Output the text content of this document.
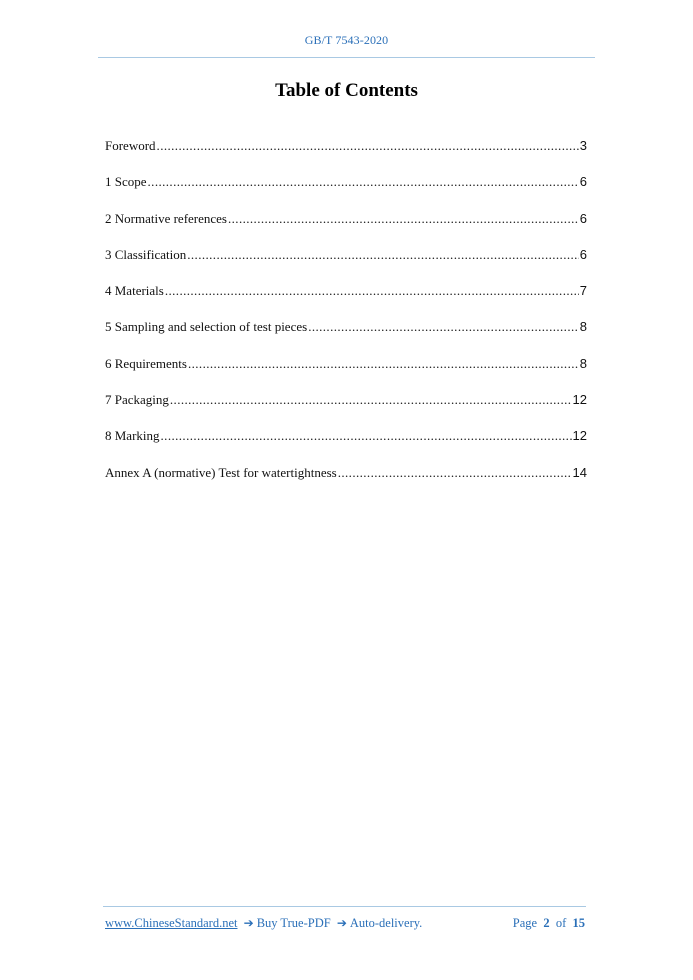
GB/T 7543-2020
Table of Contents
Foreword .....	3
1 Scope .....	6
2 Normative references .....	6
3 Classification .....	6
4 Materials .....	7
5 Sampling and selection of test pieces .....	8
6 Requirements .....	8
7 Packaging .....	12
8 Marking .....	12
Annex A (normative) Test for watertightness .....	14
www.ChineseStandard.net ➔ Buy True-PDF ➔ Auto-delivery.	Page 2 of 15
